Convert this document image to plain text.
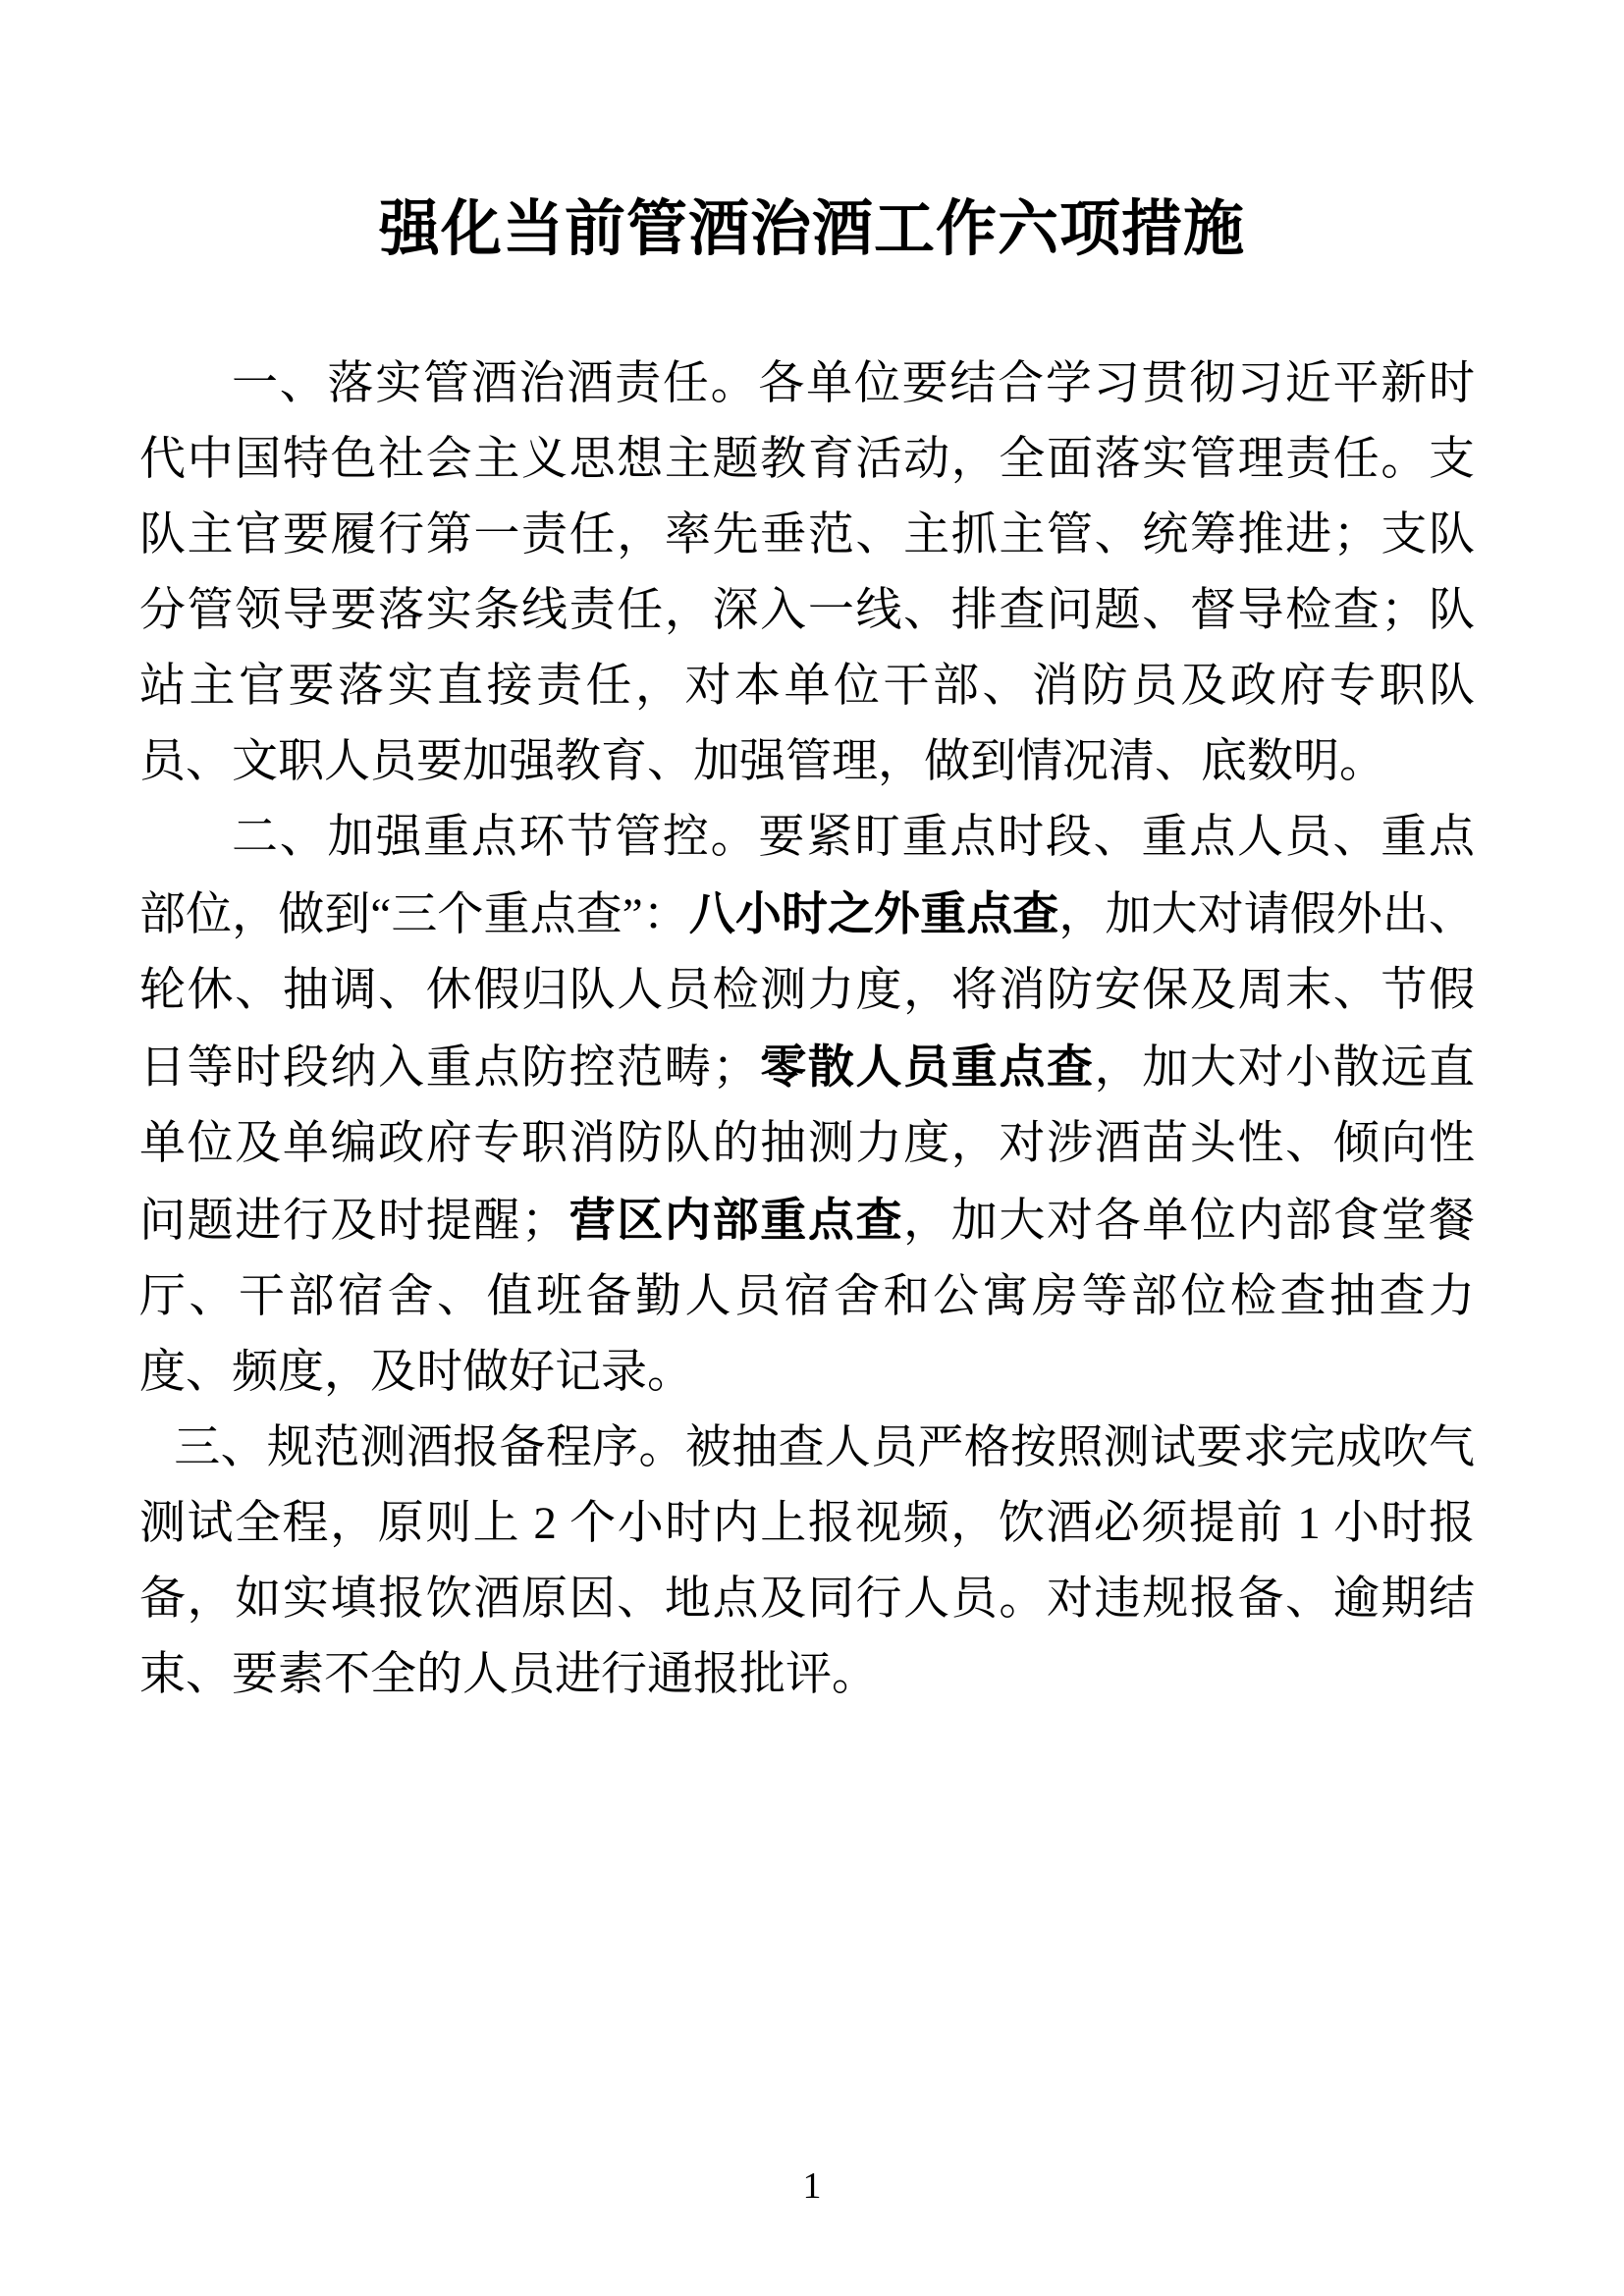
强化当前管酒治酒工作六项措施

一、落实管酒治酒责任。各单位要结合学习贯彻习近平新时代中国特色社会主义思想主题教育活动，全面落实管理责任。支队主官要履行第一责任，率先垂范、主抓主管、统筹推进；支队分管领导要落实条线责任，深入一线、排查问题、督导检查；队站主官要落实直接责任，对本单位干部、消防员及政府专职队员、文职人员要加强教育、加强管理，做到情况清、底数明。

二、加强重点环节管控。要紧盯重点时段、重点人员、重点部位，做到“三个重点查”：八小时之外重点查，加大对请假外出、轮休、抽调、休假归队人员检测力度，将消防安保及周末、节假日等时段纳入重点防控范畴；零散人员重点查，加大对小散远直单位及单编政府专职消防队的抽测力度，对涉酒苗头性、倾向性问题进行及时提醒；营区内部重点查，加大对各单位内部食堂餐厅、干部宿舍、值班备勤人员宿舍和公寓房等部位检查抽查力度、频度，及时做好记录。

三、规范测酒报备程序。被抽查人员严格按照测试要求完成吹气测试全程，原则上 2 个小时内上报视频，饮酒必须提前 1 小时报备，如实填报饮酒原因、地点及同行人员。对违规报备、逾期结束、要素不全的人员进行通报批评。

1
